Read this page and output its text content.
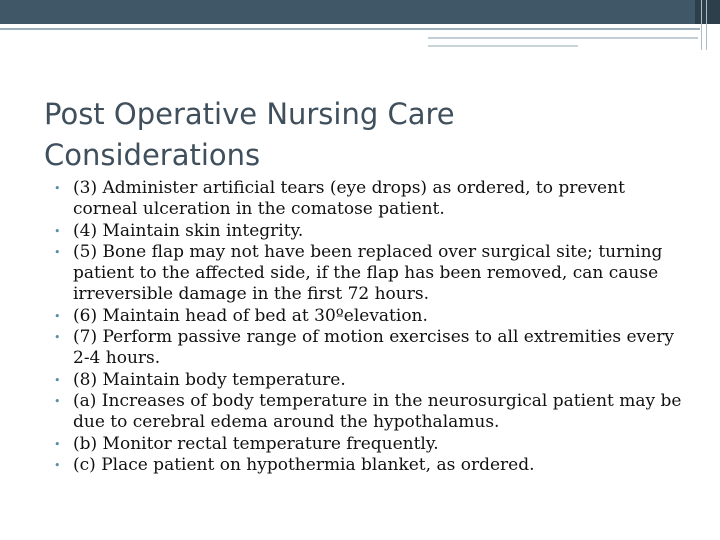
Post Operative Nursing Care Considerations
• (3) Administer artificial tears (eye drops) as ordered, to prevent corneal ulceration in the comatose patient.
• (4) Maintain skin integrity.
• (5) Bone flap may not have been replaced over surgical site; turning patient to the affected side, if the flap has been removed, can cause irreversible damage in the first 72 hours.
• (6) Maintain head of bed at 30ºelevation.
• (7) Perform passive range of motion exercises to all extremities every 2-4 hours.
• (8) Maintain body temperature.
• (a) Increases of body temperature in the neurosurgical patient may be due to cerebral edema around the hypothalamus.
• (b) Monitor rectal temperature frequently.
• (c) Place patient on hypothermia blanket, as ordered.
